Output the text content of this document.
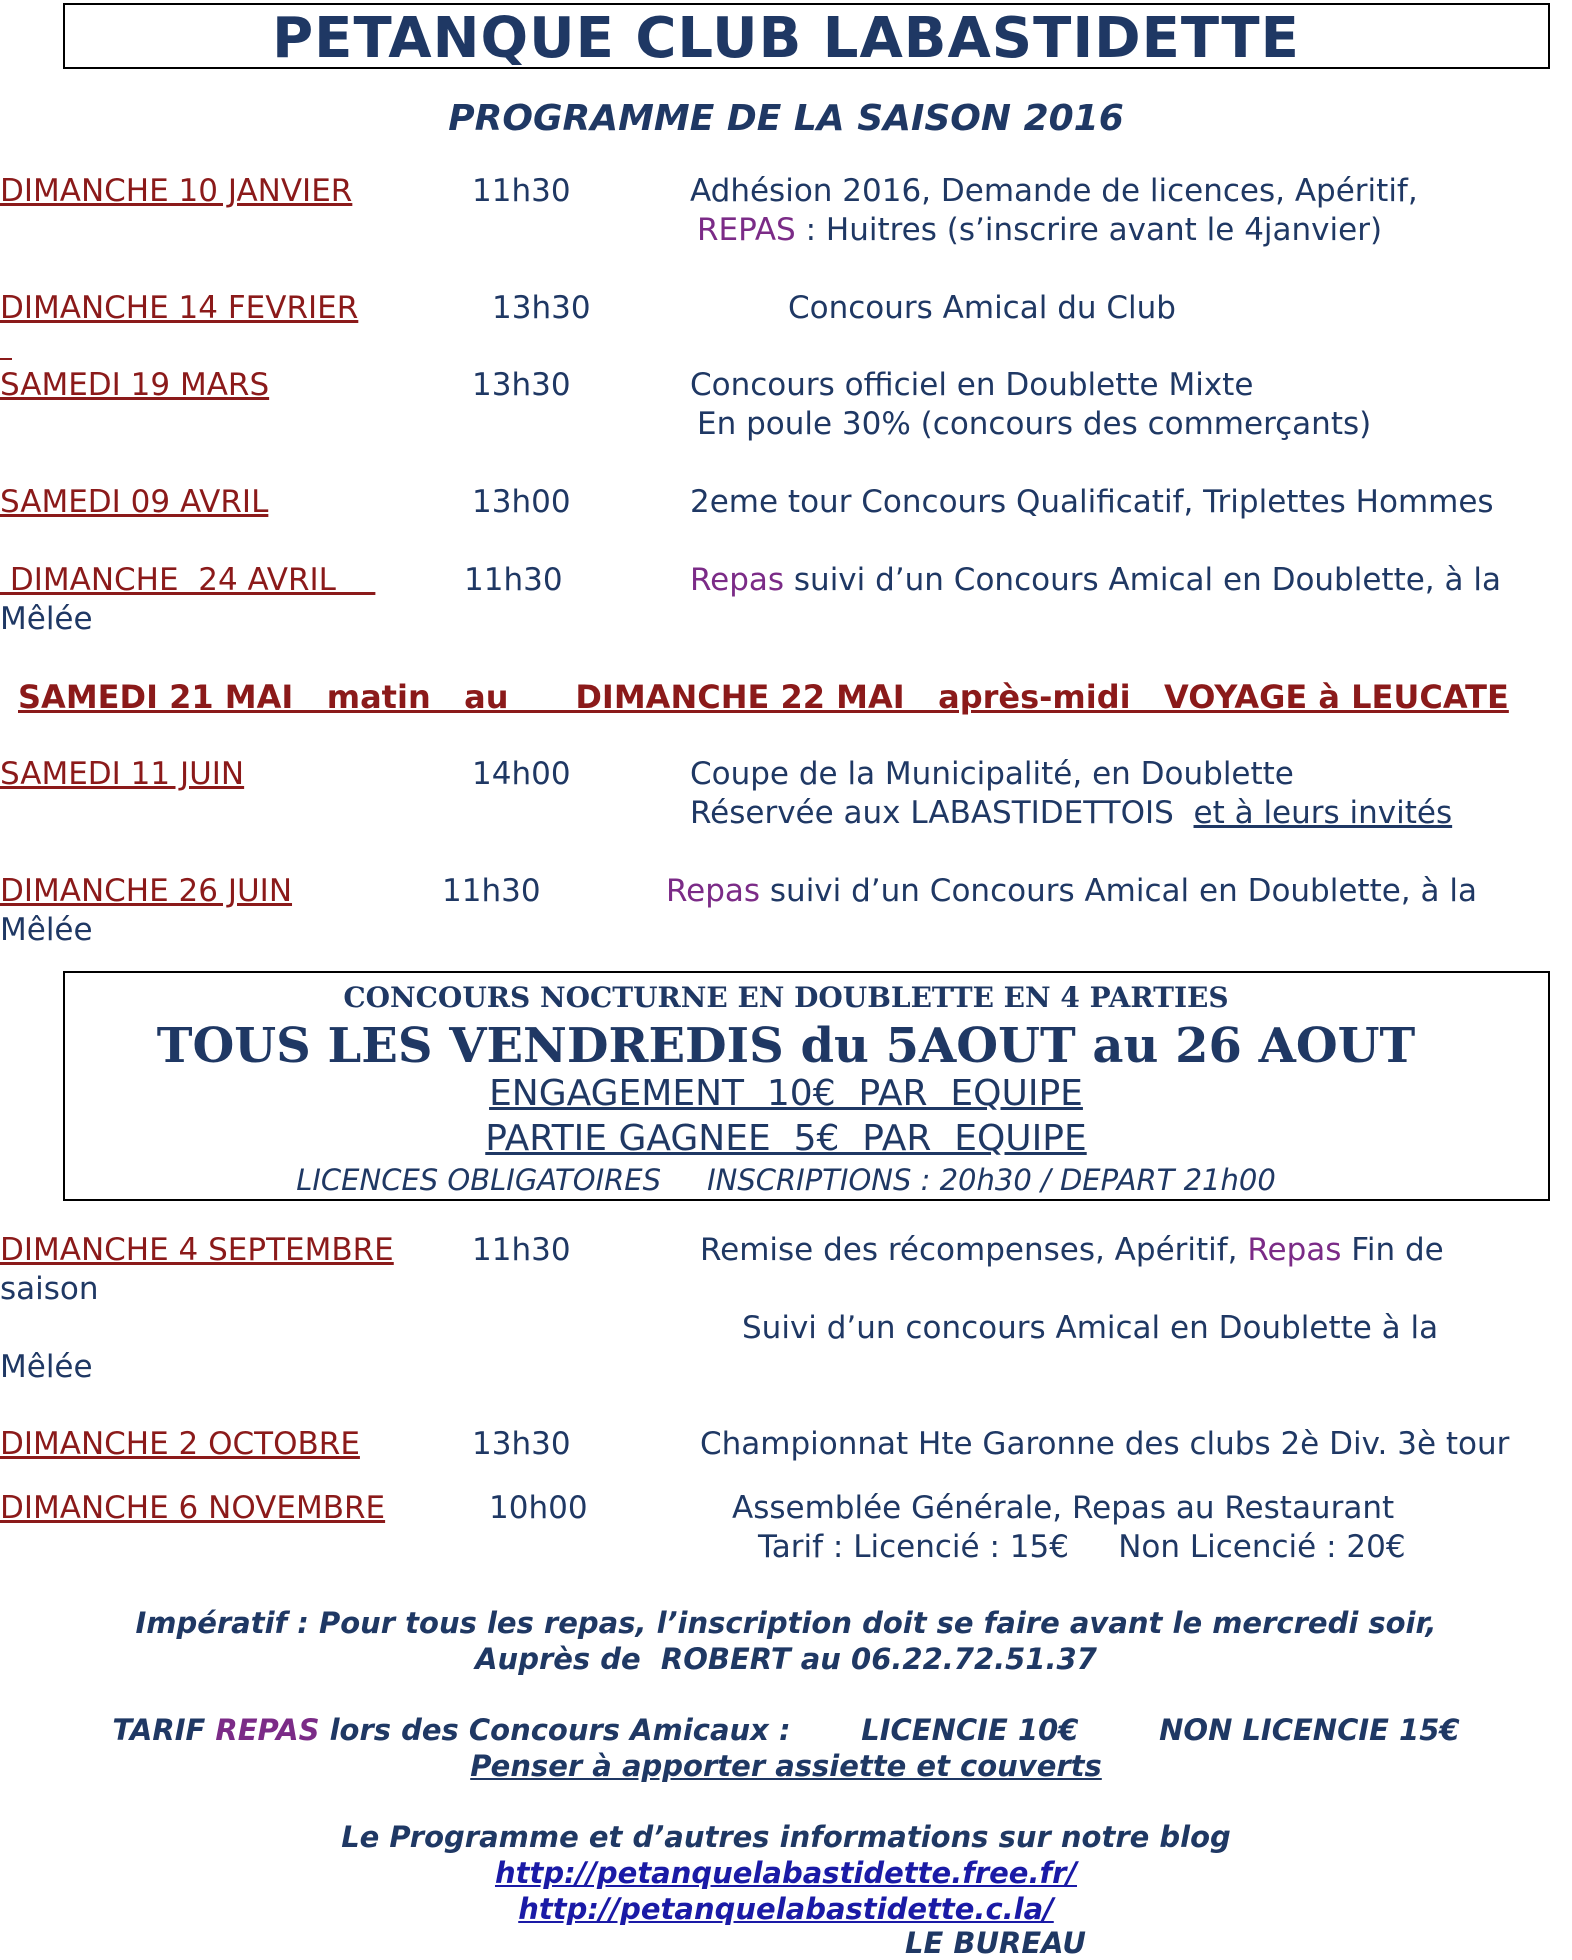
PETANQUE CLUB LABASTIDETTE
PROGRAMME DE LA SAISON 2016
DIMANCHE 10 JANVIER	11h30	Adhésion 2016, Demande de licences, Apéritif,
REPAS : Huitres (s’inscrire avant le 4janvier)
DIMANCHE 14 FEVRIER	13h30	Concours Amical du Club
SAMEDI 19 MARS	13h30	Concours officiel en Doublette Mixte
En poule 30% (concours des commerçants)
SAMEDI 09 AVRIL	13h00	2eme tour Concours Qualificatif, Triplettes Hommes
DIMANCHE  24 AVRIL	11h30	Repas suivi d’un Concours Amical en Doublette, à la
Mêlée
SAMEDI 21 MAI   matin   au      DIMANCHE 22 MAI   après-midi   VOYAGE à LEUCATE
SAMEDI 11 JUIN	14h00	Coupe de la Municipalité, en Doublette
Réservée aux LABASTIDETTOIS  et à leurs invités
DIMANCHE 26 JUIN	11h30	Repas suivi d’un Concours Amical en Doublette, à la
Mêlée
CONCOURS NOCTURNE EN DOUBLETTE EN 4 PARTIES
TOUS LES VENDREDIS du 5AOUT au 26 AOUT
ENGAGEMENT  10€  PAR  EQUIPE
PARTIE GAGNEE  5€  PAR  EQUIPE
LICENCES OBLIGATOIRES     INSCRIPTIONS : 20h30 / DEPART 21h00
DIMANCHE 4 SEPTEMBRE	11h30	Remise des récompenses, Apéritif, Repas Fin de
saison
Suivi d’un concours Amical en Doublette à la
Mêlée
DIMANCHE 2 OCTOBRE	13h30	Championnat Hte Garonne des clubs 2è Div. 3è tour
DIMANCHE 6 NOVEMBRE	10h00	Assemblée Générale, Repas au Restaurant
Tarif : Licencié : 15€     Non Licencié : 20€
Impératif : Pour tous les repas, l’inscription doit se faire avant le mercredi soir,
Auprès de  ROBERT au 06.22.72.51.37
TARIF REPAS lors des Concours Amicaux :       LICENCIE 10€        NON LICENCIE 15€
Penser à apporter assiette et couverts
Le Programme et d’autres informations sur notre blog
http://petanquelabastidette.free.fr/
http://petanquelabastidette.c.la/
LE BUREAU
